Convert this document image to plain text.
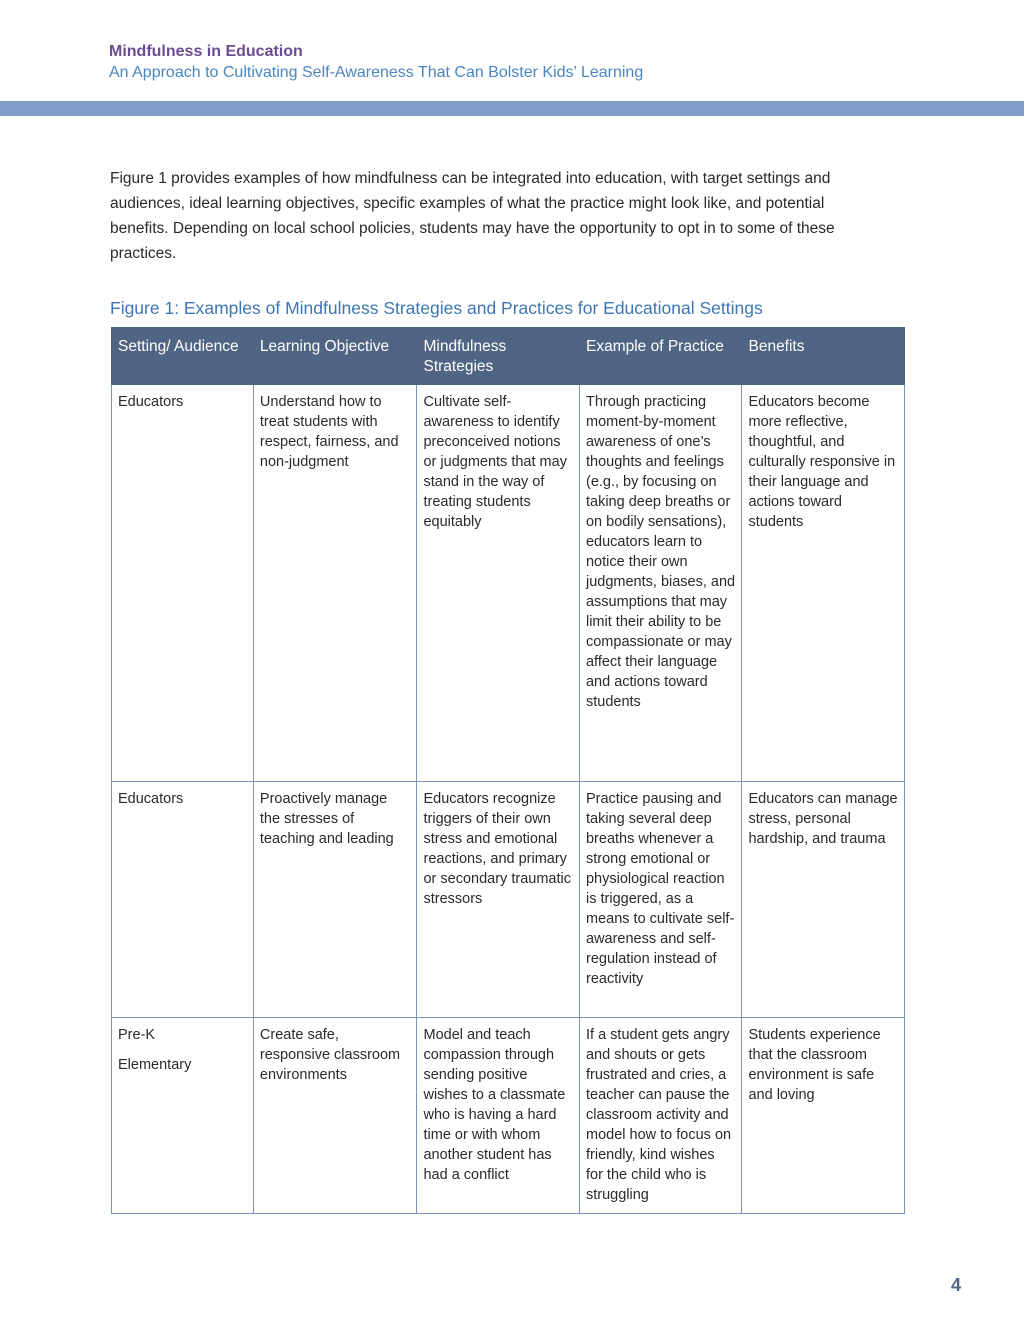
Mindfulness in Education
An Approach to Cultivating Self-Awareness That Can Bolster Kids’ Learning

Figure 1 provides examples of how mindfulness can be integrated into education, with target settings and audiences, ideal learning objectives, specific examples of what the practice might look like, and potential benefits. Depending on local school policies, students may have the opportunity to opt in to some of these practices.

Figure 1: Examples of Mindfulness Strategies and Practices for Educational Settings

Setting/ Audience	Learning Objective	Mindfulness Strategies	Example of Practice	Benefits

Educators	Understand how to treat students with respect, fairness, and non-judgment	Cultivate self-awareness to identify preconceived notions or judgments that may stand in the way of treating students equitably	Through practicing moment-by-moment awareness of one’s thoughts and feelings (e.g., by focusing on taking deep breaths or on bodily sensations), educators learn to notice their own judgments, biases, and assumptions that may limit their ability to be compassionate or may affect their language and actions toward students	Educators become more reflective, thoughtful, and culturally responsive in their language and actions toward students

Educators	Proactively manage the stresses of teaching and leading	Educators recognize triggers of their own stress and emotional reactions, and primary or secondary traumatic stressors	Practice pausing and taking several deep breaths whenever a strong emotional or physiological reaction is triggered, as a means to cultivate self-awareness and self-regulation instead of reactivity	Educators can manage stress, personal hardship, and trauma

Pre-K
Elementary	Create safe, responsive classroom environments	Model and teach compassion through sending positive wishes to a classmate who is having a hard time or with whom another student has had a conflict	If a student gets angry and shouts or gets frustrated and cries, a teacher can pause the classroom activity and model how to focus on friendly, kind wishes for the child who is struggling	Students experience that the classroom environment is safe and loving
4
